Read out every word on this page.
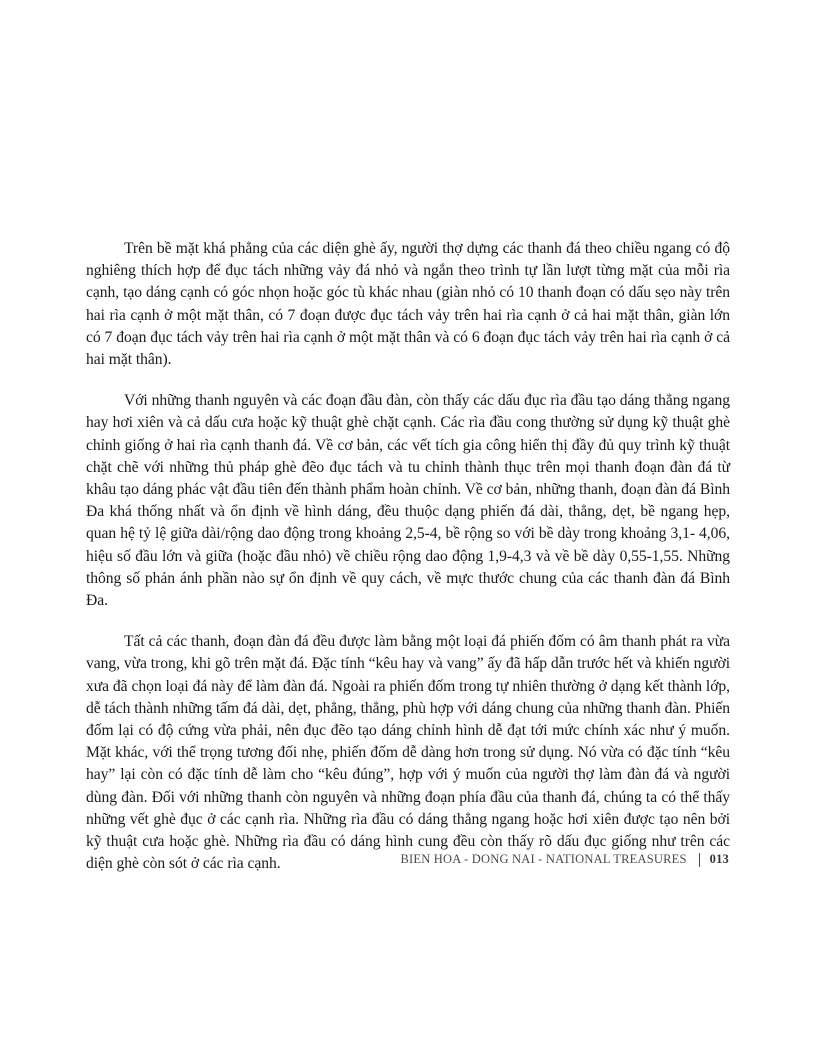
Trên bề mặt khá phẳng của các diện ghè ấy, người thợ dựng các thanh đá theo chiều ngang có độ nghiêng thích hợp để đục tách những vảy đá nhỏ và ngắn theo trình tự lần lượt từng mặt của mỗi rìa cạnh, tạo dáng cạnh có góc nhọn hoặc góc tù khác nhau (giàn nhỏ có 10 thanh đoạn có dấu sẹo này trên hai rìa cạnh ở một mặt thân, có 7 đoạn được đục tách vảy trên hai rìa cạnh ở cả hai mặt thân, giàn lớn có 7 đoạn đục tách vảy trên hai rìa cạnh ở một mặt thân và có 6 đoạn đục tách vảy trên hai rìa cạnh ở cả hai mặt thân).

Với những thanh nguyên và các đoạn đầu đàn, còn thấy các dấu đục rìa đầu tạo dáng thẳng ngang hay hơi xiên và cả dấu cưa hoặc kỹ thuật ghè chặt cạnh. Các rìa đầu cong thường sử dụng kỹ thuật ghè chỉnh giống ở hai rìa cạnh thanh đá. Về cơ bản, các vết tích gia công hiển thị đầy đủ quy trình kỹ thuật chặt chẽ với những thủ pháp ghè đẽo đục tách và tu chỉnh thành thục trên mọi thanh đoạn đàn đá từ khâu tạo dáng phác vật đầu tiên đến thành phẩm hoàn chỉnh. Về cơ bản, những thanh, đoạn đàn đá Bình Đa khá thống nhất và ổn định về hình dáng, đều thuộc dạng phiến đá dài, thẳng, dẹt, bề ngang hẹp, quan hệ tỷ lệ giữa dài/rộng dao động trong khoảng 2,5-4, bề rộng so với bề dày trong khoảng 3,1- 4,06, hiệu số đầu lớn và giữa (hoặc đầu nhỏ) về chiều rộng dao động 1,9-4,3 và về bề dày 0,55-1,55. Những thông số phản ánh phần nào sự ổn định về quy cách, về mực thước chung của các thanh đàn đá Bình Đa.

Tất cả các thanh, đoạn đàn đá đều được làm bằng một loại đá phiến đốm có âm thanh phát ra vừa vang, vừa trong, khi gõ trên mặt đá. Đặc tính “kêu hay và vang” ấy đã hấp dẫn trước hết và khiến người xưa đã chọn loại đá này để làm đàn đá. Ngoài ra phiến đốm trong tự nhiên thường ở dạng kết thành lớp, dễ tách thành những tấm đá dài, dẹt, phẳng, thẳng, phù hợp với dáng chung của những thanh đàn. Phiến đốm lại có độ cứng vừa phải, nên đục đẽo tạo dáng chỉnh hình dễ đạt tới mức chính xác như ý muốn. Mặt khác, với thể trọng tương đối nhẹ, phiến đốm dễ dàng hơn trong sử dụng. Nó vừa có đặc tính “kêu hay” lại còn có đặc tính dễ làm cho “kêu đúng”, hợp với ý muốn của người thợ làm đàn đá và người dùng đàn. Đối với những thanh còn nguyên và những đoạn phía đầu của thanh đá, chúng ta có thể thấy những vết ghè đục ở các cạnh rìa. Những rìa đầu có dáng thẳng ngang hoặc hơi xiên được tạo nên bởi kỹ thuật cưa hoặc ghè. Những rìa đầu có dáng hình cung đều còn thấy rõ dấu đục giống như trên các diện ghè còn sót ở các rìa cạnh.	BIEN HOA - DONG NAI - NATIONAL TREASURES 013
